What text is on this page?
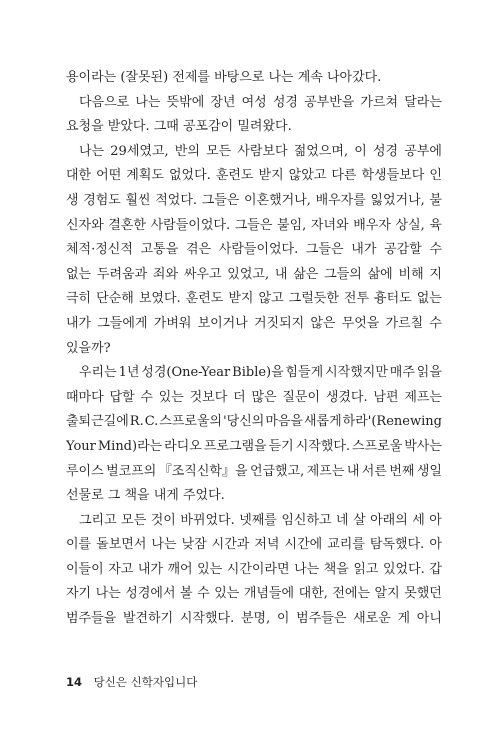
용이라는 (잘못된) 전제를 바탕으로 나는 계속 나아갔다.
다음으로 나는 뜻밖에 장년 여성 성경 공부반을 가르쳐 달라는
요청을 받았다. 그때 공포감이 밀려왔다.
나는 29세였고, 반의 모든 사람보다 젊었으며, 이 성경 공부에
대한 어떤 계획도 없었다. 훈련도 받지 않았고 다른 학생들보다 인
생 경험도 훨씬 적었다. 그들은 이혼했거나, 배우자를 잃었거나, 불
신자와 결혼한 사람들이었다. 그들은 불임, 자녀와 배우자 상실, 육
체적·정신적 고통을 겪은 사람들이었다. 그들은 내가 공감할 수
없는 두려움과 죄와 싸우고 있었고, 내 삶은 그들의 삶에 비해 지
극히 단순해 보였다. 훈련도 받지 않고 그럴듯한 전투 흉터도 없는
내가 그들에게 가벼워 보이거나 거짓되지 않은 무엇을 가르칠 수
있을까?
우리는 1년 성경(One-Year Bible)을 힘들게 시작했지만 매주 읽을
때마다 답할 수 있는 것보다 더 많은 질문이 생겼다. 남편 제프는
출퇴근길에 R. C. 스프로울의 '당신의 마음을 새롭게 하라'(Renewing
Your Mind)라는 라디오 프로그램을 듣기 시작했다. 스프로울 박사는
루이스 벌코프의 『조직신학』을 언급했고, 제프는 내 서른 번째 생일
선물로 그 책을 내게 주었다.
그리고 모든 것이 바뀌었다. 넷째를 임신하고 네 살 아래의 세 아
이를 돌보면서 나는 낮잠 시간과 저녁 시간에 교리를 탐독했다. 아
이들이 자고 내가 깨어 있는 시간이라면 나는 책을 읽고 있었다. 갑
자기 나는 성경에서 볼 수 있는 개념들에 대한, 전에는 알지 못했던
범주들을 발견하기 시작했다. 분명, 이 범주들은 새로운 게 아니
14 당신은 신학자입니다
